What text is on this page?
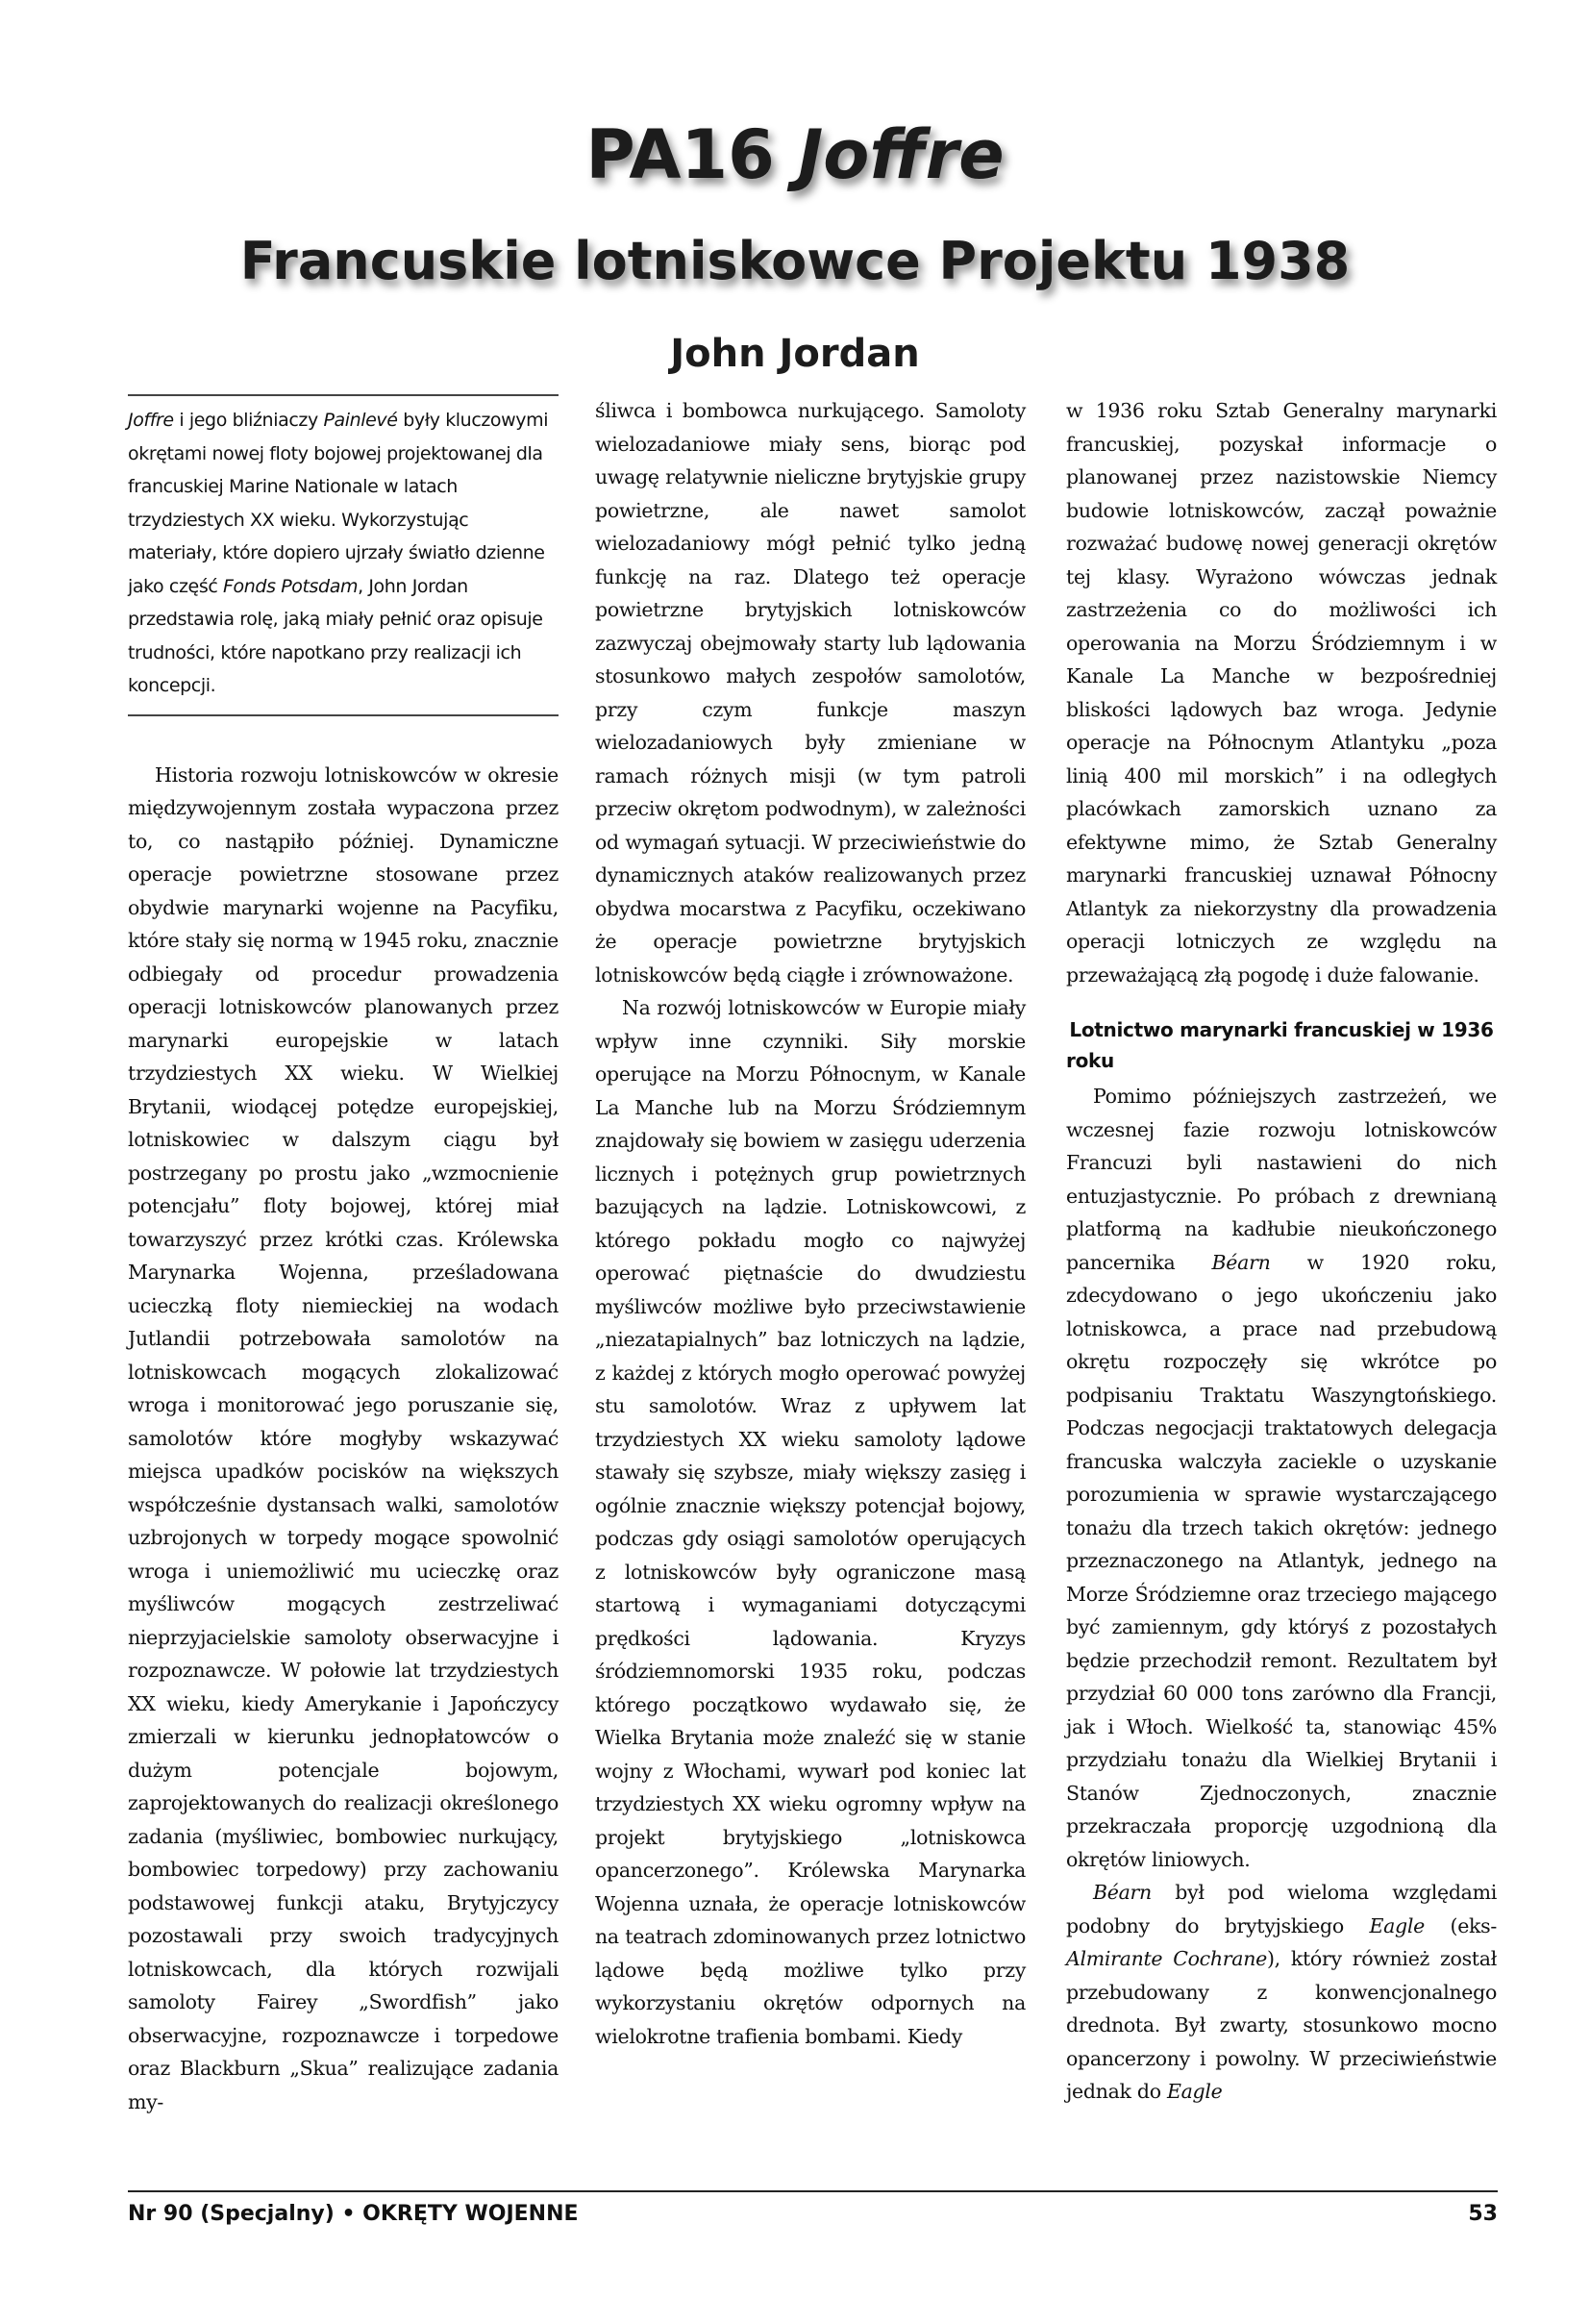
PA16 Joffre
Francuskie lotniskowce Projektu 1938
John Jordan
Joffre i jego bliźniaczy Painlevé były kluczowymi okrętami nowej floty bojowej projektowanej dla francuskiej Marine Nationale w latach trzydziestych XX wieku. Wykorzystując materiały, które dopiero ujrzały światło dzienne jako część Fonds Potsdam, John Jordan przedstawia rolę, jaką miały pełnić oraz opisuje trudności, które napotkano przy realizacji ich koncepcji.

Historia rozwoju lotniskowców w okresie międzywojennym została wypaczona przez to, co nastąpiło później. Dynamiczne operacje powietrzne stosowane przez obydwie marynarki wojenne na Pacyfiku, które stały się normą w 1945 roku, znacznie odbiegały od procedur prowadzenia operacji lotniskowców planowanych przez marynarki europejskie w latach trzydziestych XX wieku. W Wielkiej Brytanii, wiodącej potędze europejskiej, lotniskowiec w dalszym ciągu był postrzegany po prostu jako „wzmocnienie potencjału” floty bojowej, której miał towarzyszyć przez krótki czas. Królewska Marynarka Wojenna, prześladowana ucieczką floty niemieckiej na wodach Jutlandii potrzebowała samolotów na lotniskowcach mogących zlokalizować wroga i monitorować jego poruszanie się, samolotów które mogłyby wskazywać miejsca upadków pocisków na większych współcześnie dystansach walki, samolotów uzbrojonych w torpedy mogące spowolnić wroga i uniemożliwić mu ucieczkę oraz myśliwców mogących zestrzeliwać nieprzyjacielskie samoloty obserwacyjne i rozpoznawcze. W połowie lat trzydziestych XX wieku, kiedy Amerykanie i Japończycy zmierzali w kierunku jednopłatowców o dużym potencjale bojowym, zaprojektowanych do realizacji określonego zadania (myśliwiec, bombowiec nurkujący, bombowiec torpedowy) przy zachowaniu podstawowej funkcji ataku, Brytyjczycy pozostawali przy swoich tradycyjnych lotniskowcach, dla których rozwijali samoloty Fairey „Swordfish” jako obserwacyjne, rozpoznawcze i torpedowe oraz Blackburn „Skua” realizujące zadania my-

śliwca i bombowca nurkującego. Samoloty wielozadaniowe miały sens, biorąc pod uwagę relatywnie nieliczne brytyjskie grupy powietrzne, ale nawet samolot wielozadaniowy mógł pełnić tylko jedną funkcję na raz. Dlatego też operacje powietrzne brytyjskich lotniskowców zazwyczaj obejmowały starty lub lądowania stosunkowo małych zespołów samolotów, przy czym funkcje maszyn wielozadaniowych były zmieniane w ramach różnych misji (w tym patroli przeciw okrętom podwodnym), w zależności od wymagań sytuacji. W przeciwieństwie do dynamicznych ataków realizowanych przez obydwa mocarstwa z Pacyfiku, oczekiwano że operacje powietrzne brytyjskich lotniskowców będą ciągłe i zrównoważone.

Na rozwój lotniskowców w Europie miały wpływ inne czynniki. Siły morskie operujące na Morzu Północnym, w Kanale La Manche lub na Morzu Śródziemnym znajdowały się bowiem w zasięgu uderzenia licznych i potężnych grup powietrznych bazujących na lądzie. Lotniskowcowi, z którego pokładu mogło co najwyżej operować piętnaście do dwudziestu myśliwców możliwe było przeciwstawienie „niezatapialnych” baz lotniczych na lądzie, z każdej z których mogło operować powyżej stu samolotów. Wraz z upływem lat trzydziestych XX wieku samoloty lądowe stawały się szybsze, miały większy zasięg i ogólnie znacznie większy potencjał bojowy, podczas gdy osiągi samolotów operujących z lotniskowców były ograniczone masą startową i wymaganiami dotyczącymi prędkości lądowania. Kryzys śródziemnomorski 1935 roku, podczas którego początkowo wydawało się, że Wielka Brytania może znaleźć się w stanie wojny z Włochami, wywarł pod koniec lat trzydziestych XX wieku ogromny wpływ na projekt brytyjskiego „lotniskowca opancerzonego”. Królewska Marynarka Wojenna uznała, że operacje lotniskowców na teatrach zdominowanych przez lotnictwo lądowe będą możliwe tylko przy wykorzystaniu okrętów odpornych na wielokrotne trafienia bombami. Kiedy

w 1936 roku Sztab Generalny marynarki francuskiej, pozyskał informacje o planowanej przez nazistowskie Niemcy budowie lotniskowców, zaczął poważnie rozważać budowę nowej generacji okrętów tej klasy. Wyrażono wówczas jednak zastrzeżenia co do możliwości ich operowania na Morzu Śródziemnym i w Kanale La Manche w bezpośredniej bliskości lądowych baz wroga. Jedynie operacje na Północnym Atlantyku „poza linią 400 mil morskich” i na odległych placówkach zamorskich uznano za efektywne mimo, że Sztab Generalny marynarki francuskiej uznawał Północny Atlantyk za niekorzystny dla prowadzenia operacji lotniczych ze względu na przeważającą złą pogodę i duże falowanie.

Lotnictwo marynarki francuskiej w 1936 roku

Pomimo późniejszych zastrzeżeń, we wczesnej fazie rozwoju lotniskowców Francuzi byli nastawieni do nich entuzjastycznie. Po próbach z drewnianą platformą na kadłubie nieukończonego pancernika Béarn w 1920 roku, zdecydowano o jego ukończeniu jako lotniskowca, a prace nad przebudową okrętu rozpoczęły się wkrótce po podpisaniu Traktatu Waszyngtońskiego. Podczas negocjacji traktatowych delegacja francuska walczyła zaciekle o uzyskanie porozumienia w sprawie wystarczającego tonażu dla trzech takich okrętów: jednego przeznaczonego na Atlantyk, jednego na Morze Śródziemne oraz trzeciego mającego być zamiennym, gdy któryś z pozostałych będzie przechodził remont. Rezultatem był przydział 60 000 tons zarówno dla Francji, jak i Włoch. Wielkość ta, stanowiąc 45% przydziału tonażu dla Wielkiej Brytanii i Stanów Zjednoczonych, znacznie przekraczała proporcję uzgodnioną dla okrętów liniowych.

Béarn był pod wieloma względami podobny do brytyjskiego Eagle (eks-Almirante Cochrane), który również został przebudowany z konwencjonalnego drednota. Był zwarty, stosunkowo mocno opancerzony i powolny. W przeciwieństwie jednak do Eagle

Nr 90 (Specjalny) • OKRĘTY WOJENNE	53
